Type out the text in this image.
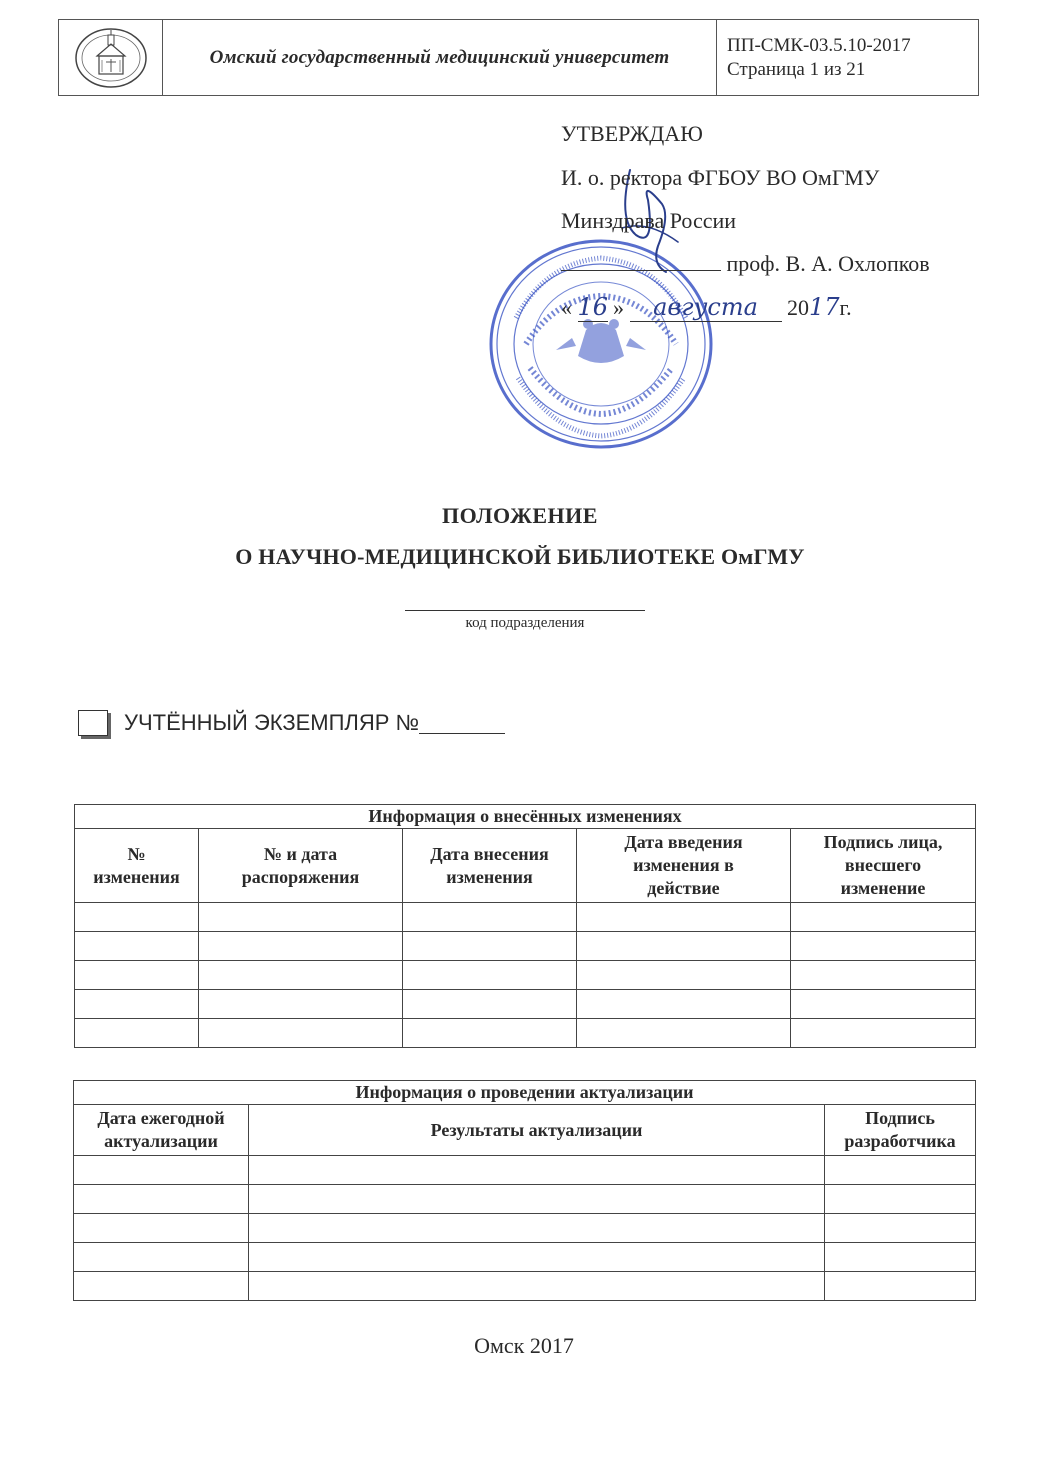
Омский государственный медицинский университет
ПП-СМК-03.5.10-2017
Страница 1 из 21
УТВЕРЖДАЮ
И. о. ректора ФГБОУ ВО ОмГМУ
Минздрава России
проф. В. А. Охлопков
« 16 » августа 2017г.
ПОЛОЖЕНИЕ
О НАУЧНО-МЕДИЦИНСКОЙ БИБЛИОТЕКЕ ОмГМУ
код подразделения
УЧТЁННЫЙ ЭКЗЕМПЛЯР №
Информация о внесённых изменениях				
№ изменения	№ и дата распоряжения	Дата внесения изменения	Дата введения изменения в действие	Подпись лица, внесшего изменение

Информация о проведении актуализации		
Дата ежегодной актуализации	Результаты актуализации	Подпись разработчика

Омск 2017
